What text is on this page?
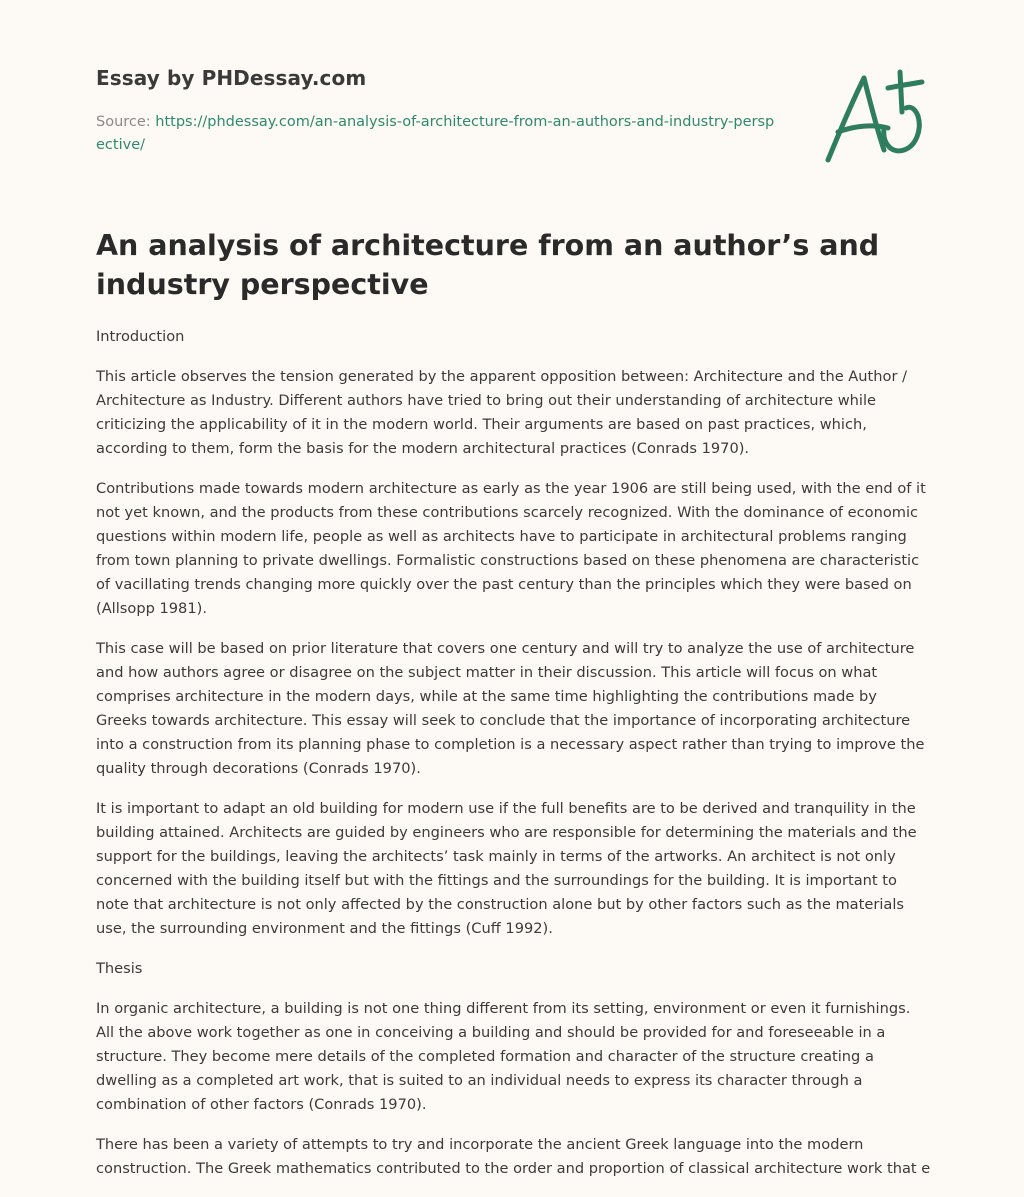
Essay by PHDessay.com

Source: https://phdessay.com/an-analysis-of-architecture-from-an-authors-and-industry-perspective/
An analysis of architecture from an author’s and industry perspective

Introduction

This article observes the tension generated by the apparent opposition between: Architecture and the Author / Architecture as Industry. Different authors have tried to bring out their understanding of architecture while criticizing the applicability of it in the modern world. Their arguments are based on past practices, which, according to them, form the basis for the modern architectural practices (Conrads 1970).

Contributions made towards modern architecture as early as the year 1906 are still being used, with the end of it not yet known, and the products from these contributions scarcely recognized. With the dominance of economic questions within modern life, people as well as architects have to participate in architectural problems ranging from town planning to private dwellings. Formalistic constructions based on these phenomena are characteristic of vacillating trends changing more quickly over the past century than the principles which they were based on (Allsopp 1981).

This case will be based on prior literature that covers one century and will try to analyze the use of architecture and how authors agree or disagree on the subject matter in their discussion. This article will focus on what comprises architecture in the modern days, while at the same time highlighting the contributions made by Greeks towards architecture. This essay will seek to conclude that the importance of incorporating architecture into a construction from its planning phase to completion is a necessary aspect rather than trying to improve the quality through decorations (Conrads 1970).

It is important to adapt an old building for modern use if the full benefits are to be derived and tranquility in the building attained. Architects are guided by engineers who are responsible for determining the materials and the support for the buildings, leaving the architects’ task mainly in terms of the artworks. An architect is not only concerned with the building itself but with the fittings and the surroundings for the building. It is important to note that architecture is not only affected by the construction alone but by other factors such as the materials use, the surrounding environment and the fittings (Cuff 1992).

Thesis

In organic architecture, a building is not one thing different from its setting, environment or even it furnishings. All the above work together as one in conceiving a building and should be provided for and foreseeable in a structure. They become mere details of the completed formation and character of the structure creating a dwelling as a completed art work, that is suited to an individual needs to express its character through a combination of other factors (Conrads 1970).

There has been a variety of attempts to try and incorporate the ancient Greek language into the modern construction. The Greek mathematics contributed to the order and proportion of classical architecture work that e
